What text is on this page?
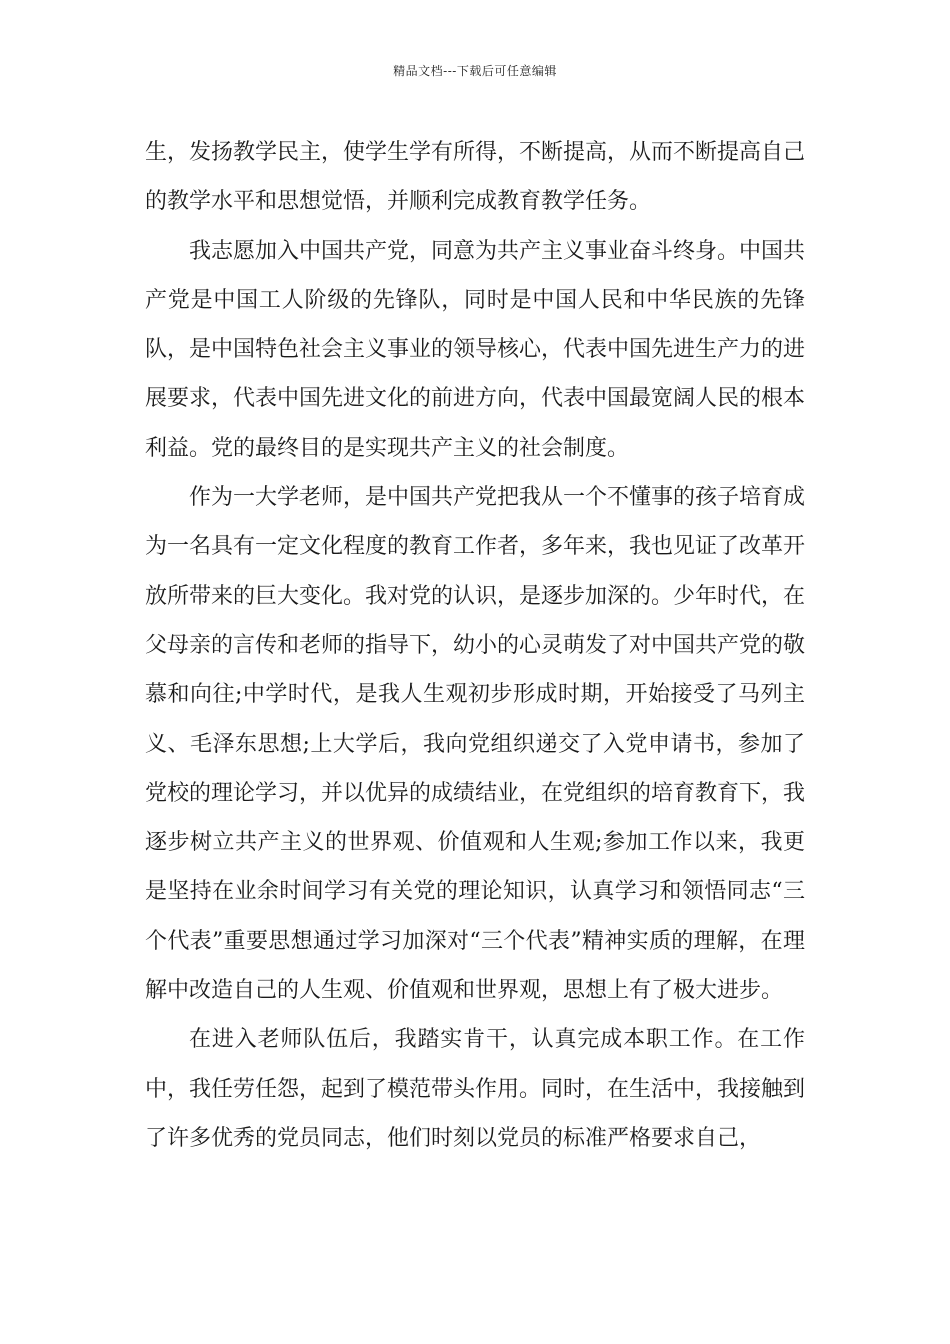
精品文档---下载后可任意编辑

生，发扬教学民主，使学生学有所得，不断提高，从而不断提高自己的教学水平和思想觉悟，并顺利完成教育教学任务。

我志愿加入中国共产党，同意为共产主义事业奋斗终身。中国共产党是中国工人阶级的先锋队，同时是中国人民和中华民族的先锋队，是中国特色社会主义事业的领导核心，代表中国先进生产力的进展要求，代表中国先进文化的前进方向，代表中国最宽阔人民的根本利益。党的最终目的是实现共产主义的社会制度。

作为一大学老师，是中国共产党把我从一个不懂事的孩子培育成为一名具有一定文化程度的教育工作者，多年来，我也见证了改革开放所带来的巨大变化。我对党的认识，是逐步加深的。少年时代，在父母亲的言传和老师的指导下，幼小的心灵萌发了对中国共产党的敬慕和向往;中学时代，是我人生观初步形成时期，开始接受了马列主义、毛泽东思想;上大学后，我向党组织递交了入党申请书，参加了党校的理论学习，并以优异的成绩结业，在党组织的培育教育下，我逐步树立共产主义的世界观、价值观和人生观;参加工作以来，我更是坚持在业余时间学习有关党的理论知识，认真学习和领悟同志“三个代表”重要思想通过学习加深对“三个代表”精神实质的理解，在理解中改造自己的人生观、价值观和世界观，思想上有了极大进步。

在进入老师队伍后，我踏实肯干，认真完成本职工作。在工作中，我任劳任怨，起到了模范带头作用。同时，在生活中，我接触到了许多优秀的党员同志，他们时刻以党员的标准严格要求自己，
